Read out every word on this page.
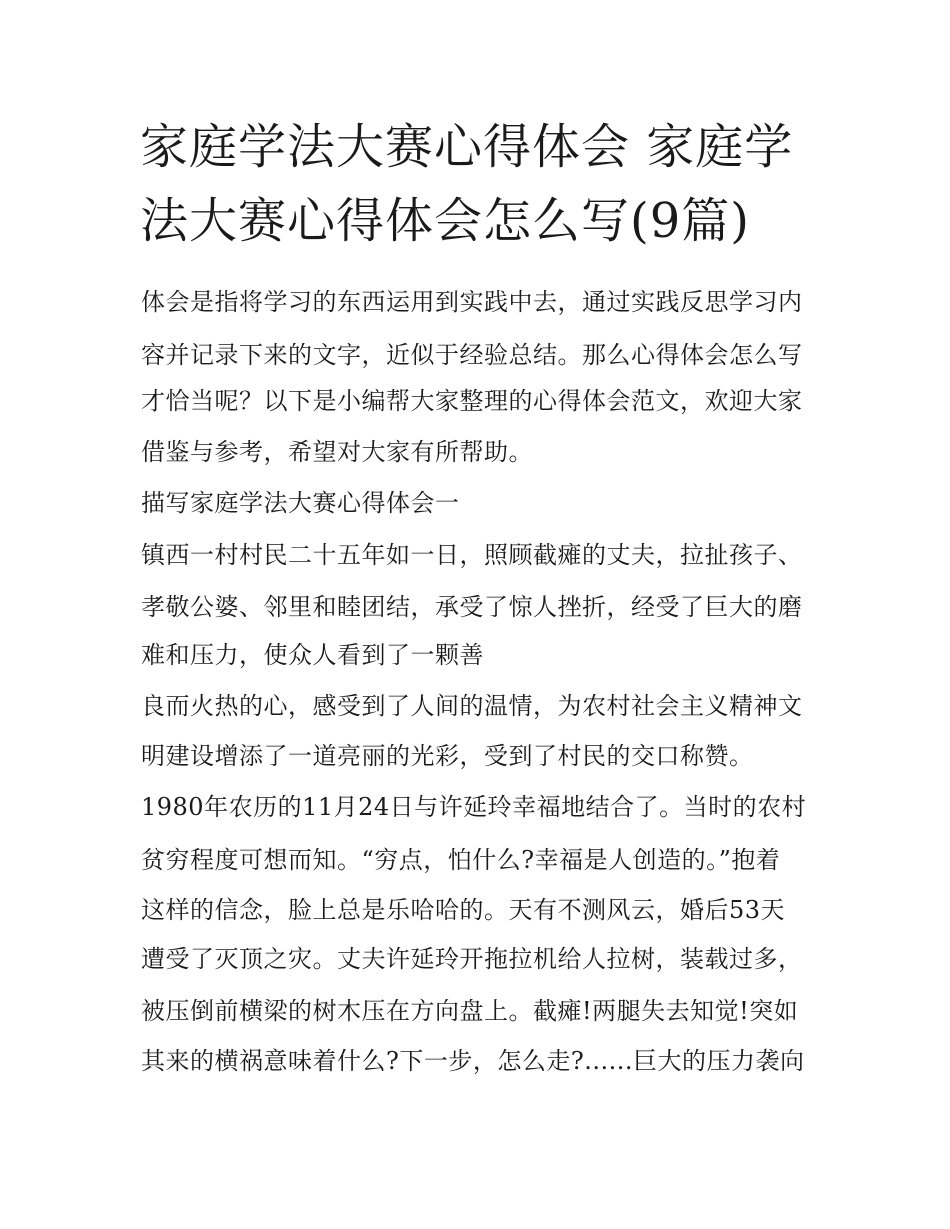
家庭学法大赛心得体会 家庭学
法大赛心得体会怎么写(9篇)

体会是指将学习的东西运用到实践中去，通过实践反思学习内

容并记录下来的文字，近似于经验总结。那么心得体会怎么写

才恰当呢？以下是小编帮大家整理的心得体会范文，欢迎大家

借鉴与参考，希望对大家有所帮助。

描写家庭学法大赛心得体会一

镇西一村村民二十五年如一日，照顾截瘫的丈夫，拉扯孩子、

孝敬公婆、邻里和睦团结，承受了惊人挫折，经受了巨大的磨

难和压力，使众人看到了一颗善

良而火热的心，感受到了人间的温情，为农村社会主义精神文

明建设增添了一道亮丽的光彩，受到了村民的交口称赞。

1980年农历的11月24日与许延玲幸福地结合了。当时的农村

贫穷程度可想而知。“穷点，怕什么?幸福是人创造的。”抱着

这样的信念，脸上总是乐哈哈的。天有不测风云，婚后53天

遭受了灭顶之灾。丈夫许延玲开拖拉机给人拉树，装载过多，

被压倒前横梁的树木压在方向盘上。截瘫!两腿失去知觉!突如

其来的横祸意味着什么?下一步，怎么走?......巨大的压力袭向
